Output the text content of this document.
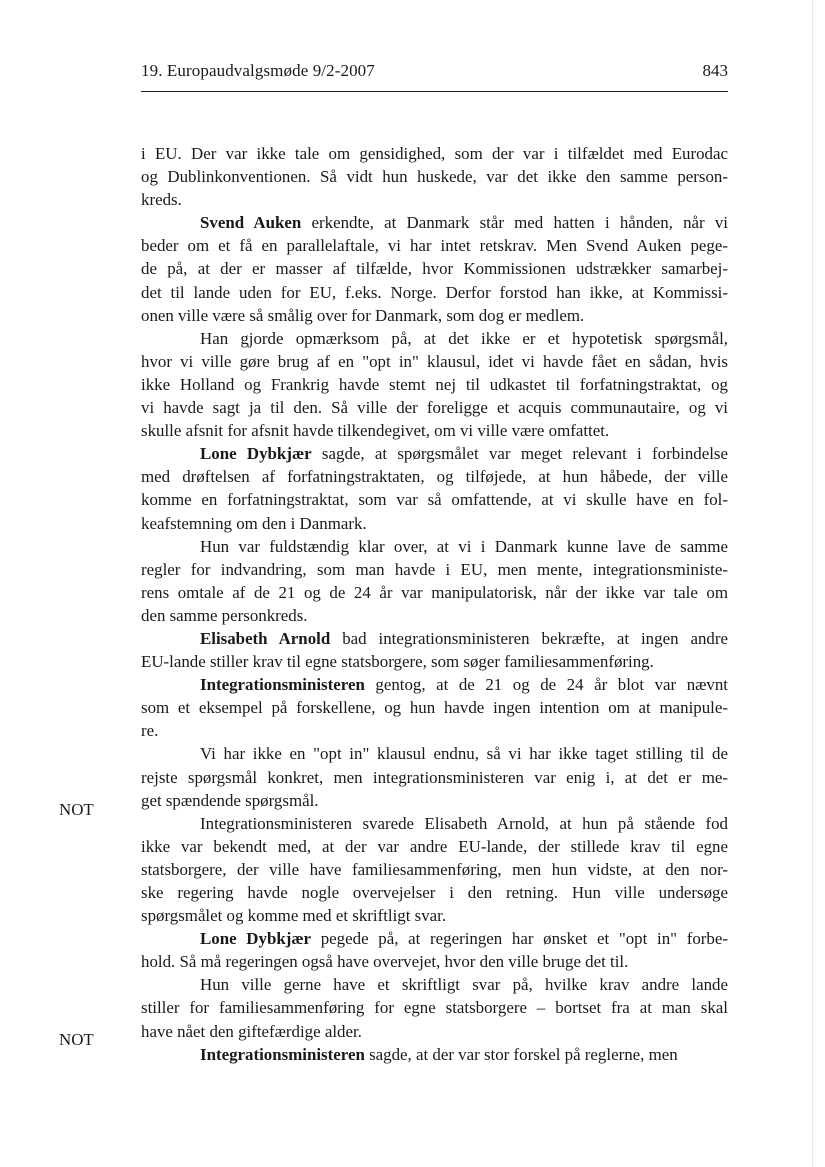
19. Europaudvalgsmøde 9/2-2007	843
NOT
NOT
i EU. Der var ikke tale om gensidighed, som der var i tilfældet med Eurodac
og Dublinkonventionen. Så vidt hun huskede, var det ikke den samme person-
kreds.
Svend Auken erkendte, at Danmark står med hatten i hånden, når vi
beder om et få en parallelaftale, vi har intet retskrav. Men Svend Auken pege-
de på, at der er masser af tilfælde, hvor Kommissionen udstrækker samarbej-
det til lande uden for EU, f.eks. Norge. Derfor forstod han ikke, at Kommissi-
onen ville være så smålig over for Danmark, som dog er medlem.
Han gjorde opmærksom på, at det ikke er et hypotetisk spørgsmål,
hvor vi ville gøre brug af en "opt in" klausul, idet vi havde fået en sådan, hvis
ikke Holland og Frankrig havde stemt nej til udkastet til forfatningstraktat, og
vi havde sagt ja til den. Så ville der foreligge et acquis communautaire, og vi
skulle afsnit for afsnit havde tilkendegivet, om vi ville være omfattet.
Lone Dybkjær sagde, at spørgsmålet var meget relevant i forbindelse
med drøftelsen af forfatningstraktaten, og tilføjede, at hun håbede, der ville
komme en forfatningstraktat, som var så omfattende, at vi skulle have en fol-
keafstemning om den i Danmark.
Hun var fuldstændig klar over, at vi i Danmark kunne lave de samme
regler for indvandring, som man havde i EU, men mente, integrationsministe-
rens omtale af de 21 og de 24 år var manipulatorisk, når der ikke var tale om
den samme personkreds.
Elisabeth Arnold bad integrationsministeren bekræfte, at ingen andre
EU-lande stiller krav til egne statsborgere, som søger familiesammenføring.
Integrationsministeren gentog, at de 21 og de 24 år blot var nævnt
som et eksempel på forskellene, og hun havde ingen intention om at manipule-
re.
Vi har ikke en "opt in" klausul endnu, så vi har ikke taget stilling til de
rejste spørgsmål konkret, men integrationsministeren var enig i, at det er me-
get spændende spørgsmål.
Integrationsministeren svarede Elisabeth Arnold, at hun på stående fod
ikke var bekendt med, at der var andre EU-lande, der stillede krav til egne
statsborgere, der ville have familiesammenføring, men hun vidste, at den nor-
ske regering havde nogle overvejelser i den retning. Hun ville undersøge
spørgsmålet og komme med et skriftligt svar.
Lone Dybkjær pegede på, at regeringen har ønsket et "opt in" forbe-
hold. Så må regeringen også have overvejet, hvor den ville bruge det til.
Hun ville gerne have et skriftligt svar på, hvilke krav andre lande
stiller for familiesammenføring for egne statsborgere – bortset fra at man skal
have nået den giftefærdige alder.
Integrationsministeren sagde, at der var stor forskel på reglerne, men
